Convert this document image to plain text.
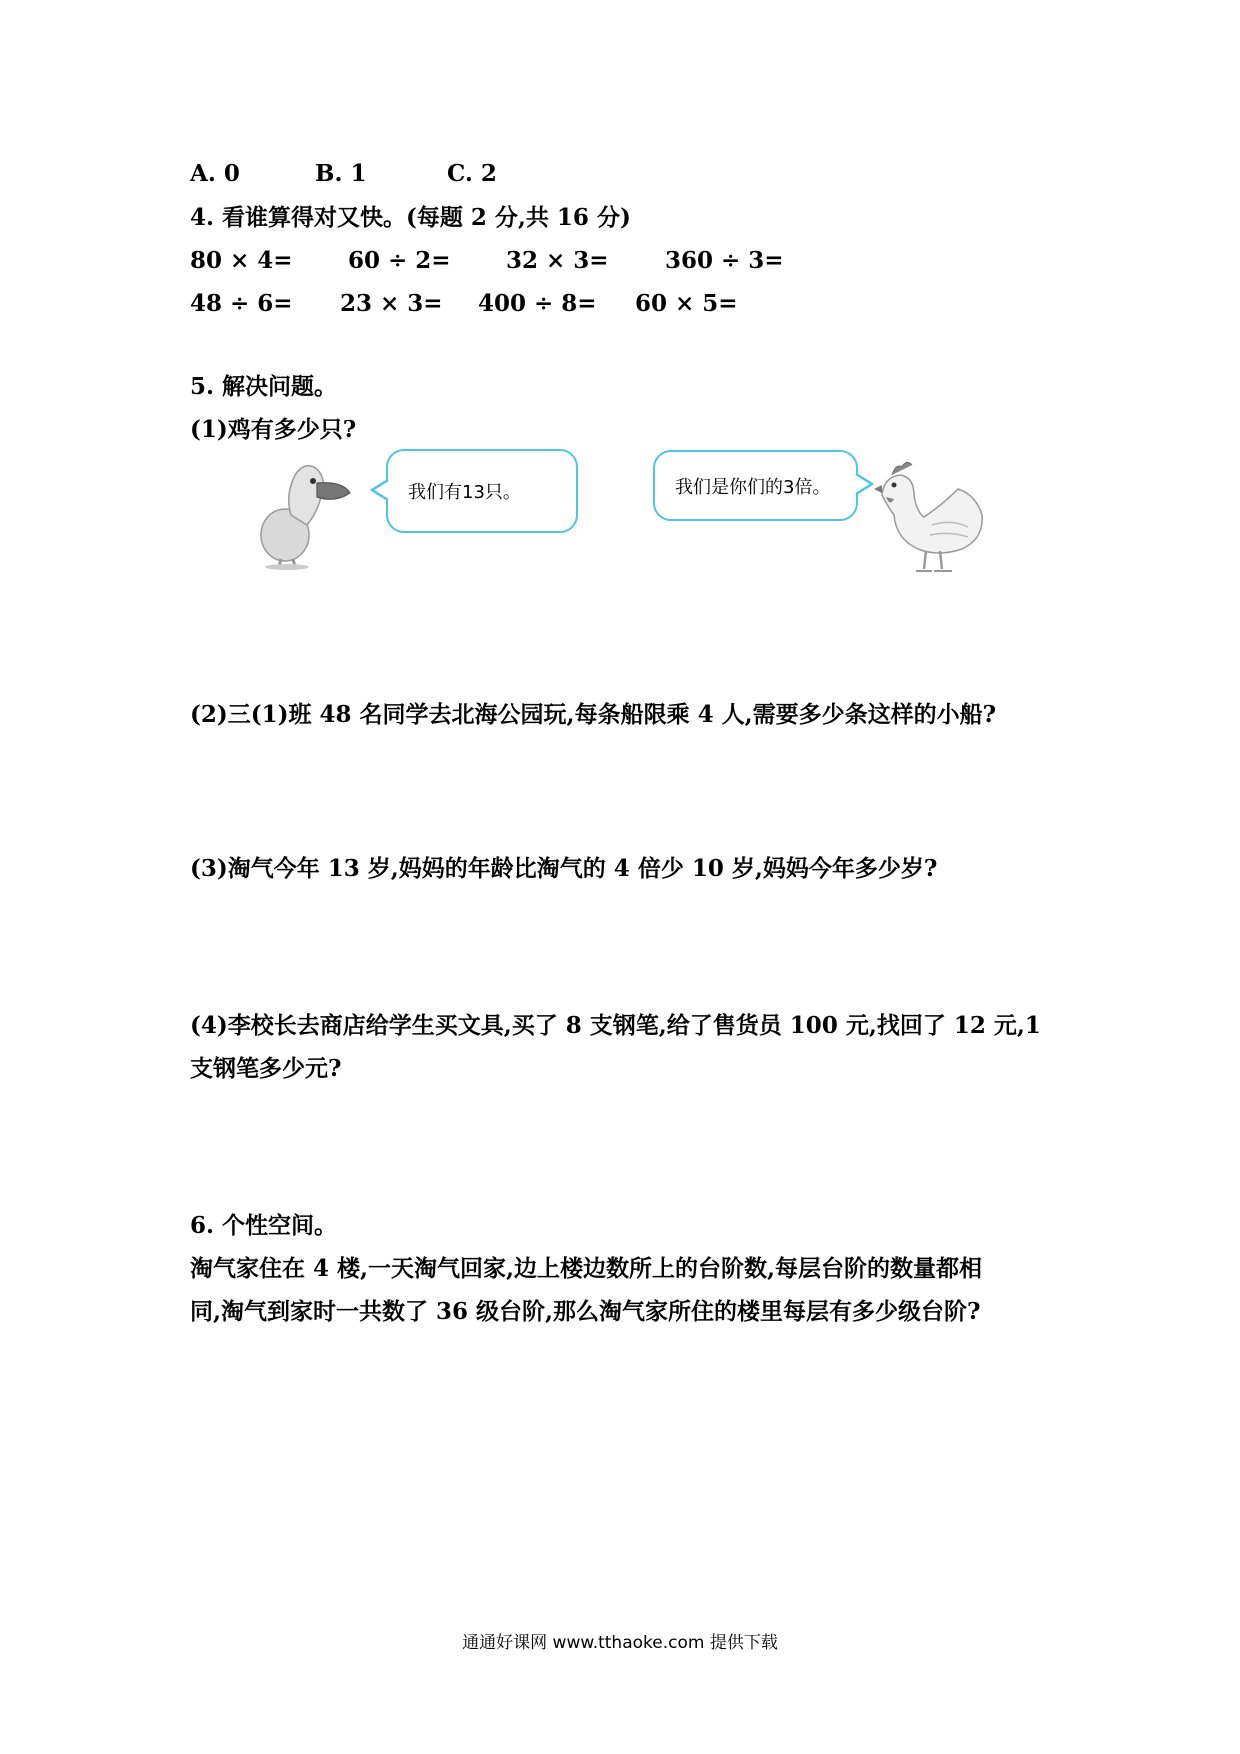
A. 0	B. 1	C. 2
4. 看谁算得对又快。(每题 2 分,共 16 分)
80 × 4= 60 ÷ 2= 32 × 3= 360 ÷ 3=
48 ÷ 6= 23 × 3= 400 ÷ 8= 60 × 5=
5. 解决问题。
(1)鸡有多少只?
我们有13只。	我们是你们的3倍。
(2)三(1)班 48 名同学去北海公园玩,每条船限乘 4 人,需要多少条这样的小船?
(3)淘气今年 13 岁,妈妈的年龄比淘气的 4 倍少 10 岁,妈妈今年多少岁?
(4)李校长去商店给学生买文具,买了 8 支钢笔,给了售货员 100 元,找回了 12 元,1
支钢笔多少元?
6. 个性空间。
淘气家住在 4 楼,一天淘气回家,边上楼边数所上的台阶数,每层台阶的数量都相
同,淘气到家时一共数了 36 级台阶,那么淘气家所住的楼里每层有多少级台阶?
通通好课网 www.tthaoke.com 提供下载
